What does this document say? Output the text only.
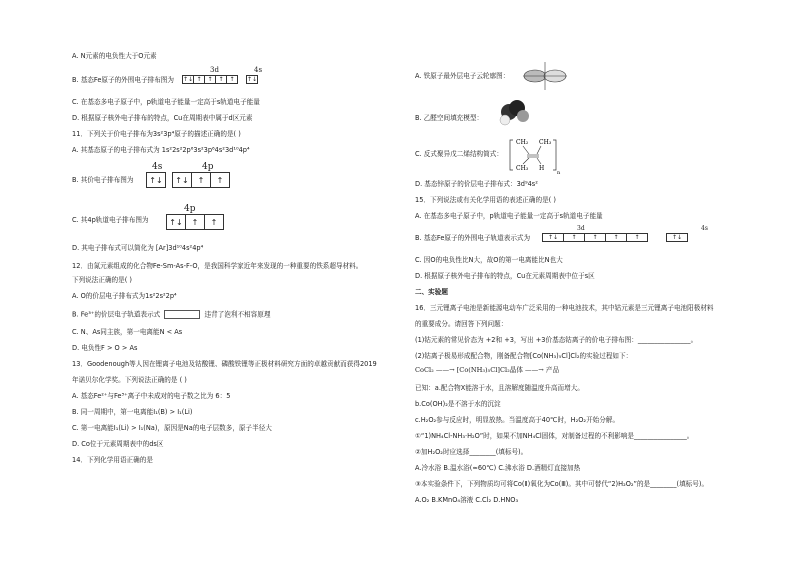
A. N元素的电负性大于O元素
B. 基态Fe原子的外围电子排布图为
3d	4s
↑↓ ↑ ↑ ↑ ↑	↑↓
C. 在基态多电子原子中，p轨道电子能量一定高于s轨道电子能量
D. 根据原子核外电子排布的特点，Cu在周期表中属于d区元素
11．下列关于价电子排布为3s²3p⁴原子的描述正确的是( )
A. 其基态原子的电子排布式为 1s²2s²2p⁶3s²3p⁶4s²3d¹⁰4p⁴
B. 其价电子排布图为
4s	4p
↑↓	↑↓	↑	↑
C. 其4p轨道电子排布图为
4p
↑↓	↑	↑
D. 其电子排布式可以简化为 [Ar]3d¹⁰4s²4p⁴
12．由氮元素组成的化合物Fe-Sm-As-F-O，是我国科学家近年来发现的一种重要的铁系超导材料。
下列说法正确的是( )
A. O的价层电子排布式为1s²2s²2p⁴
B. Fe³⁺的价层电子轨道表示式	违背了泡利不相容原理
C. N、As同主族，第一电离能N < As
D. 电负性F > O > As
13．Goodenough等人因在锂离子电池及钴酸锂、磷酸铁锂等正极材料研究方面的卓越贡献而获得2019
年诺贝尔化学奖。下列说法正确的是 ( )
A. 基态Fe²⁺与Fe³⁺离子中未成对的电子数之比为 6：5
B. 同一周期中，第一电离能I₁(B) > I₁(Li)
C. 第一电离能I₁(Li) > I₁(Na)，原因是Na的电子层数多，原子半径大
D. Co位于元素周期表中的ds区
14．下列化学用语正确的是
A. 铁原子最外层电子云轮廓图：
B. 乙醛空间填充模型：
C. 反式聚异戊二烯结构简式：
CH₂ CH₃
CH₃ H
n
D. 基态锌原子的价层电子排布式：3d⁹4s²
15．下列说法或有关化学用语的表述正确的是( )
A. 在基态多电子原子中，p轨道电子能量一定高于s轨道电子能量
B. 基态Fe原子的外围电子轨道表示式为
3d	4s
↑↓	↑	↑	↑	↑	↑↓
C. 因O的电负性比N大，故O的第一电离能比N也大
D. 根据原子核外电子排布的特点，Cu在元素周期表中位于s区
二、实验题
16．三元锂离子电池是新能源电动车广泛采用的一种电池技术，其中钴元素是三元锂离子电池阳极材料
的重要成分。请回答下列问题：
(1)钴元素的常见价态为 +2和 +3，写出 +3价基态钴离子的价电子排布图：________________。
(2)钴离子极易形成配合物，刚备配合物[Co(NH₃)₅Cl]Cl₂的实验过程如下：
CoCl₂ ——→ [Co(NH₃)₅Cl]Cl₂晶体 ——→ 产品
已知：a.配合物X能溶于水，且溶解度随温度升高而增大。
b.Co(OH)₂是不溶于水的沉淀
c.H₂O₂参与反应时，明显放热。当温度高于40℃时，H₂O₂开始分解。
①“1)NH₄Cl-NH₃·H₂O”时，如果不加NH₄Cl固体，对制备过程的不利影响是________________。
②加H₂O₂时应选择________(填标号)。
A.冷水浴 B.温水浴(≈60℃) C.沸水浴 D.酒精灯直接加热
③本实验条件下，下列物质均可将Co(Ⅱ)氧化为Co(Ⅲ)。其中可替代“2)H₂O₂”的是________(填标号)。
A.O₂ B.KMnO₄溶液 C.Cl₂ D.HNO₃
